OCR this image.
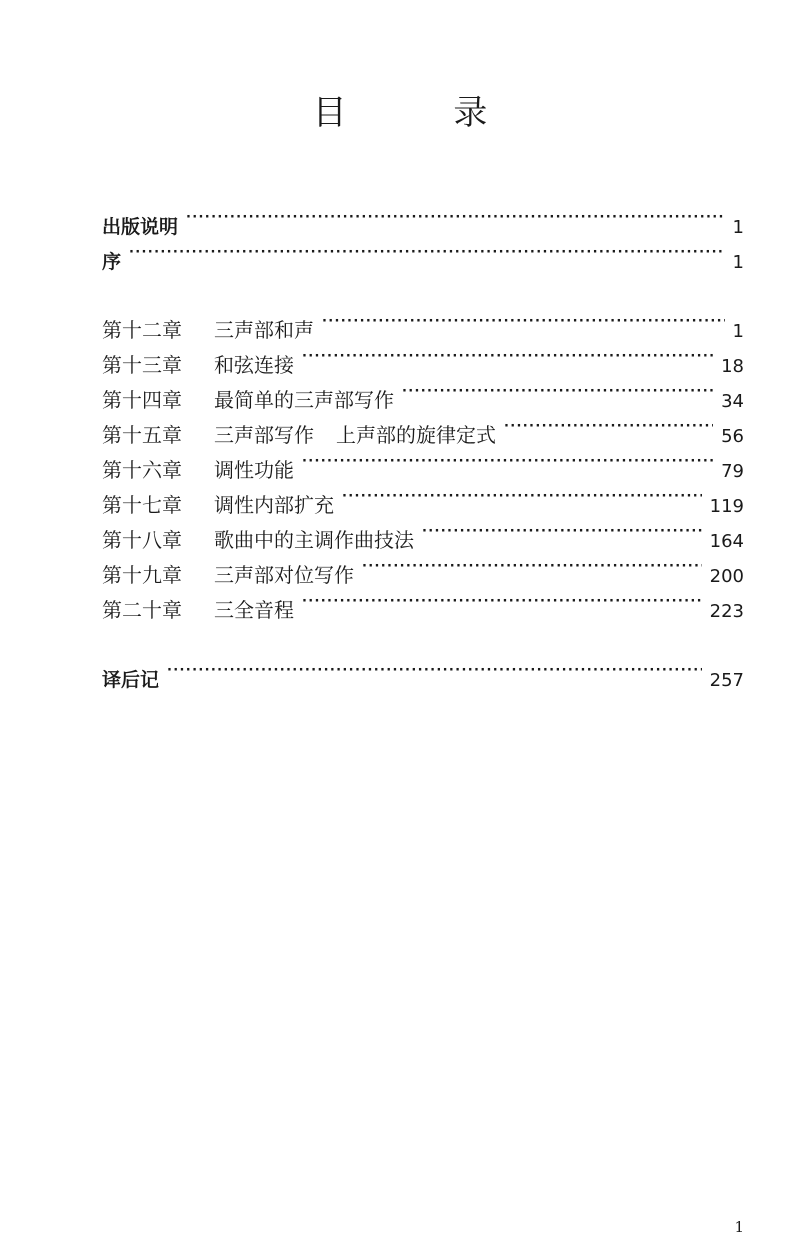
目 录
出版说明 · · ·	1
序 · · ·	1
第十二章 三声部和声 · · ·	1
第十三章 和弦连接 · · ·	18
第十四章 最简单的三声部写作 · · ·	34
第十五章 三声部写作 上声部的旋律定式 · · ·	56
第十六章 调性功能 · · ·	79
第十七章 调性内部扩充 · · ·	119
第十八章 歌曲中的主调作曲技法 · · ·	164
第十九章 三声部对位写作 · · ·	200
第二十章 三全音程 · · ·	223
译后记 · · ·	257
1
